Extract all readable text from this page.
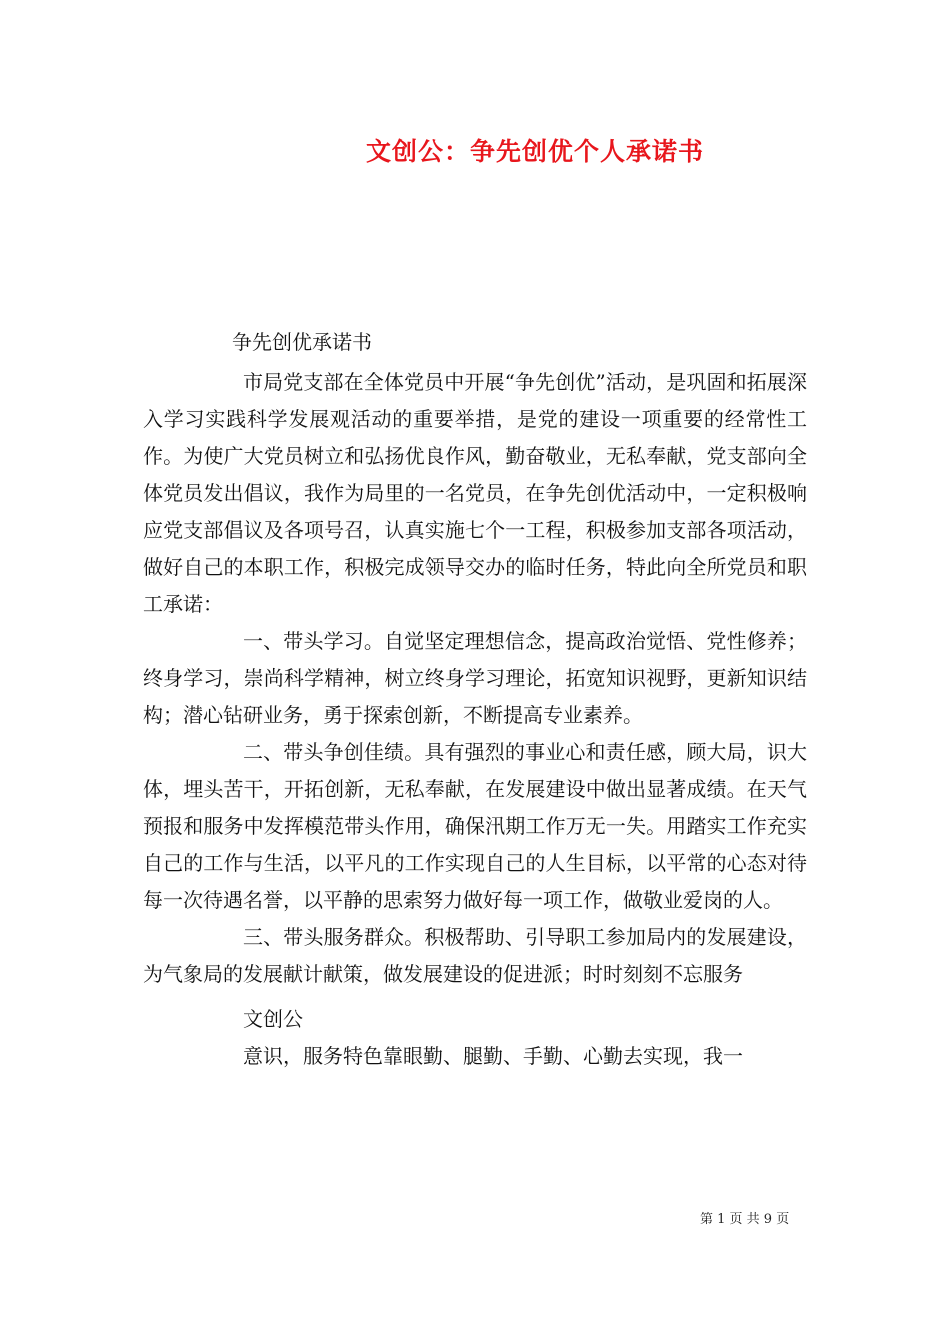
文创公：争先创优个人承诺书

争先创优承诺书

市局党支部在全体党员中开展“争先创优”活动，是巩固和拓展深入学习实践科学发展观活动的重要举措，是党的建设一项重要的经常性工作。为使广大党员树立和弘扬优良作风，勤奋敬业，无私奉献，党支部向全体党员发出倡议，我作为局里的一名党员，在争先创优活动中，一定积极响应党支部倡议及各项号召，认真实施七个一工程，积极参加支部各项活动，做好自己的本职工作，积极完成领导交办的临时任务，特此向全所党员和职工承诺：

一、带头学习。自觉坚定理想信念，提高政治觉悟、党性修养；终身学习，崇尚科学精神，树立终身学习理论，拓宽知识视野，更新知识结构；潜心钻研业务，勇于探索创新，不断提高专业素养。

二、带头争创佳绩。具有强烈的事业心和责任感，顾大局，识大体，埋头苦干，开拓创新，无私奉献，在发展建设中做出显著成绩。在天气预报和服务中发挥模范带头作用，确保汛期工作万无一失。用踏实工作充实自己的工作与生活，以平凡的工作实现自己的人生目标，以平常的心态对待每一次待遇名誉，以平静的思索努力做好每一项工作，做敬业爱岗的人。

三、带头服务群众。积极帮助、引导职工参加局内的发展建设，为气象局的发展献计献策，做发展建设的促进派；时时刻刻不忘服务

文创公

意识，服务特色靠眼勤、腿勤、手勤、心勤去实现，我一

第 1 页 共 9 页
